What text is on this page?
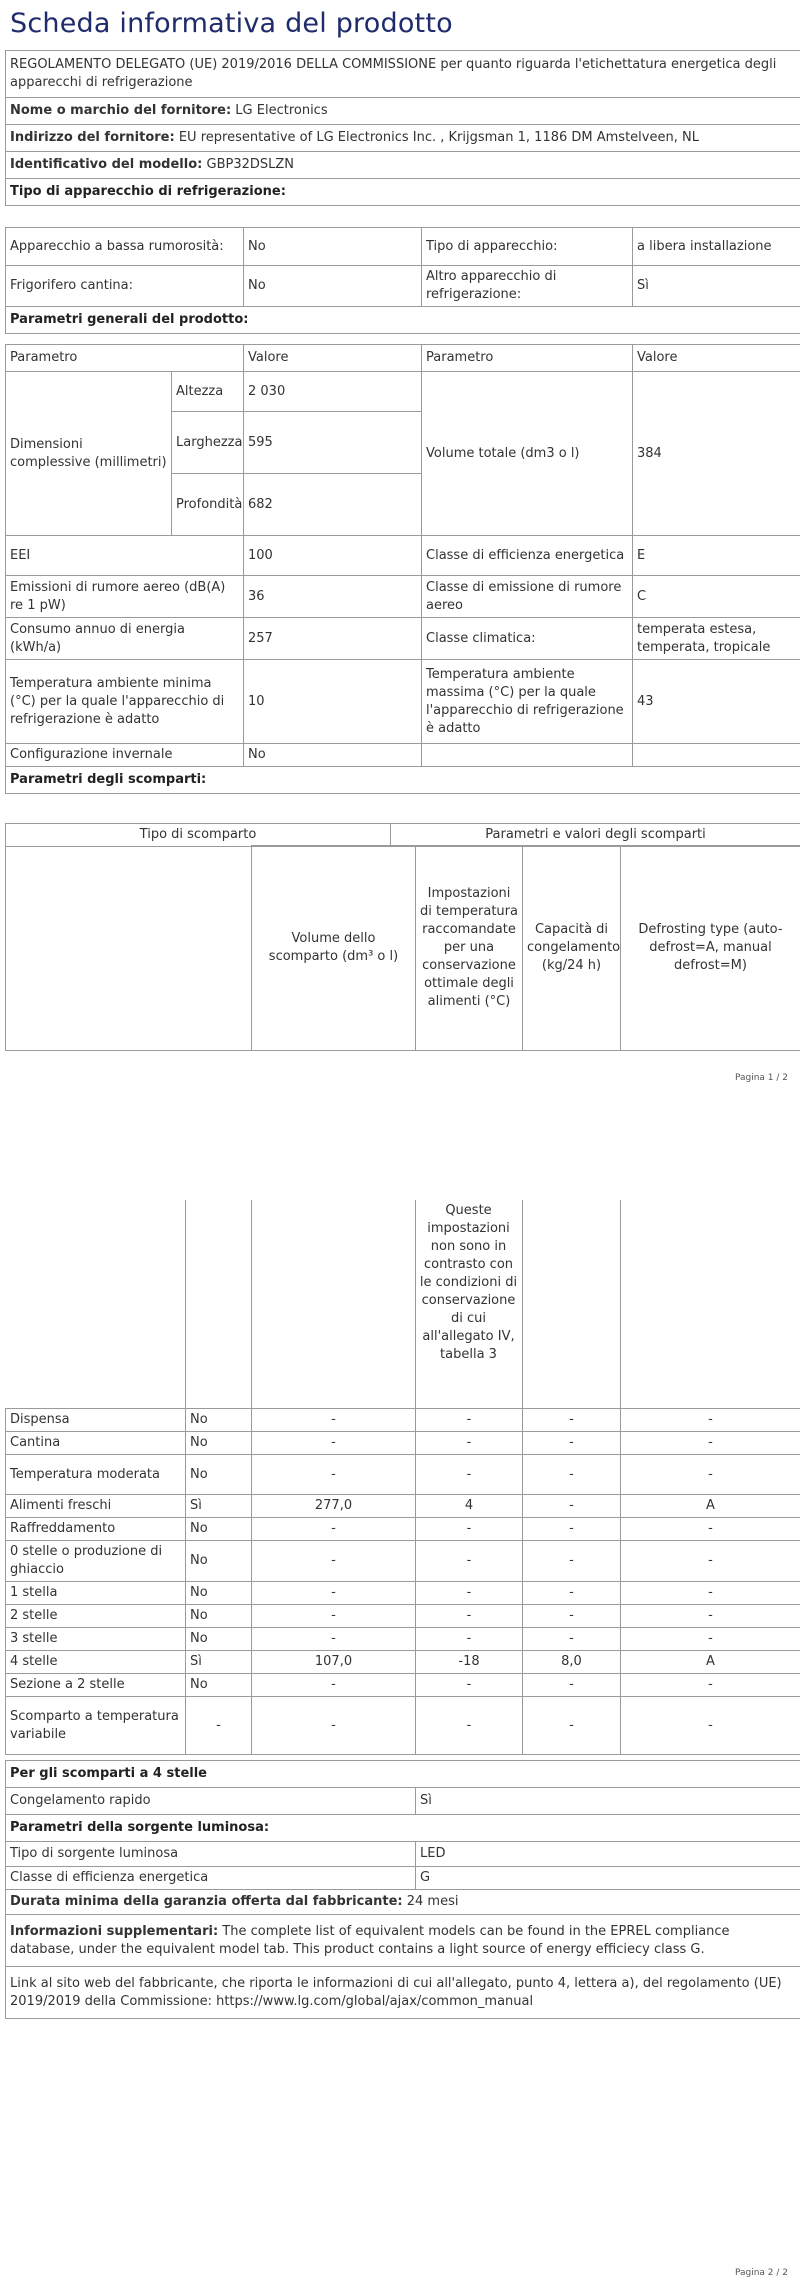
Scheda informativa del prodotto
REGOLAMENTO DELEGATO (UE) 2019/2016 DELLA COMMISSIONE per quanto riguarda l'etichettatura energetica degli apparecchi di refrigerazione
Nome o marchio del fornitore: LG Electronics
Indirizzo del fornitore: EU representative of LG Electronics Inc. , Krijgsman 1, 1186 DM Amstelveen, NL
Identificativo del modello: GBP32DSLZN
Tipo di apparecchio di refrigerazione:
Apparecchio a bassa rumorosità:	No	Tipo di apparecchio:	a libera installazione
Frigorifero cantina:	No	Altro apparecchio di refrigerazione:	Sì
Parametri generali del prodotto:			
Parametro		Valore	Parametro	Valore
Dimensioni complessive (millimetri)	Altezza	2 030	Volume totale (dm3 o l)	384
	Larghezza	595		
	Profondità	682		
EEI		100	Classe di efficienza energetica	E
Emissioni di rumore aereo (dB(A) re 1 pW)		36	Classe di emissione di rumore aereo	C
Consumo annuo di energia (kWh/a)		257	Classe climatica:	temperata estesa, temperata, tropicale
Temperatura ambiente minima (°C) per la quale l'apparecchio di refrigerazione è adatto		10	Temperatura ambiente massima (°C) per la quale l'apparecchio di refrigerazione è adatto	43
Configurazione invernale		No		
Parametri degli scomparti:				
Tipo di scomparto	Parametri e valori degli scomparti
	Volume dello scomparto (dm³ o l)	Impostazioni di temperatura raccomandate per una conservazione ottimale degli alimenti (°C)	Capacità di congelamento (kg/24 h)	Defrosting type (auto-defrost=A, manual defrost=M)
Pagina 1 / 2
			Queste impostazioni non sono in contrasto con le condizioni di conservazione di cui all'allegato IV, tabella 3		
Dispensa	No	-	-	-	-
Cantina	No	-	-	-	-
Temperatura moderata	No	-	-	-	-
Alimenti freschi	Sì	277,0	4	-	A
Raffreddamento	No	-	-	-	-
0 stelle o produzione di ghiaccio	No	-	-	-	-
1 stella	No	-	-	-	-
2 stelle	No	-	-	-	-
3 stelle	No	-	-	-	-
4 stelle	Sì	107,0	-18	8,0	A
Sezione a 2 stelle	No	-	-	-	-
Scomparto a temperatura variabile	-	-	-	-	-
Per gli scomparti a 4 stelle	
Congelamento rapido	Sì
Parametri della sorgente luminosa:	
Tipo di sorgente luminosa	LED
Classe di efficienza energetica	G
Durata minima della garanzia offerta dal fabbricante: 24 mesi	
Informazioni supplementari: The complete list of equivalent models can be found in the EPREL compliance database, under the equivalent model tab. This product contains a light source of energy efficiecy class G.	
Link al sito web del fabbricante, che riporta le informazioni di cui all'allegato, punto 4, lettera a), del regolamento (UE) 2019/2019 della Commissione: https://www.lg.com/global/ajax/common_manual	
Pagina 2 / 2
